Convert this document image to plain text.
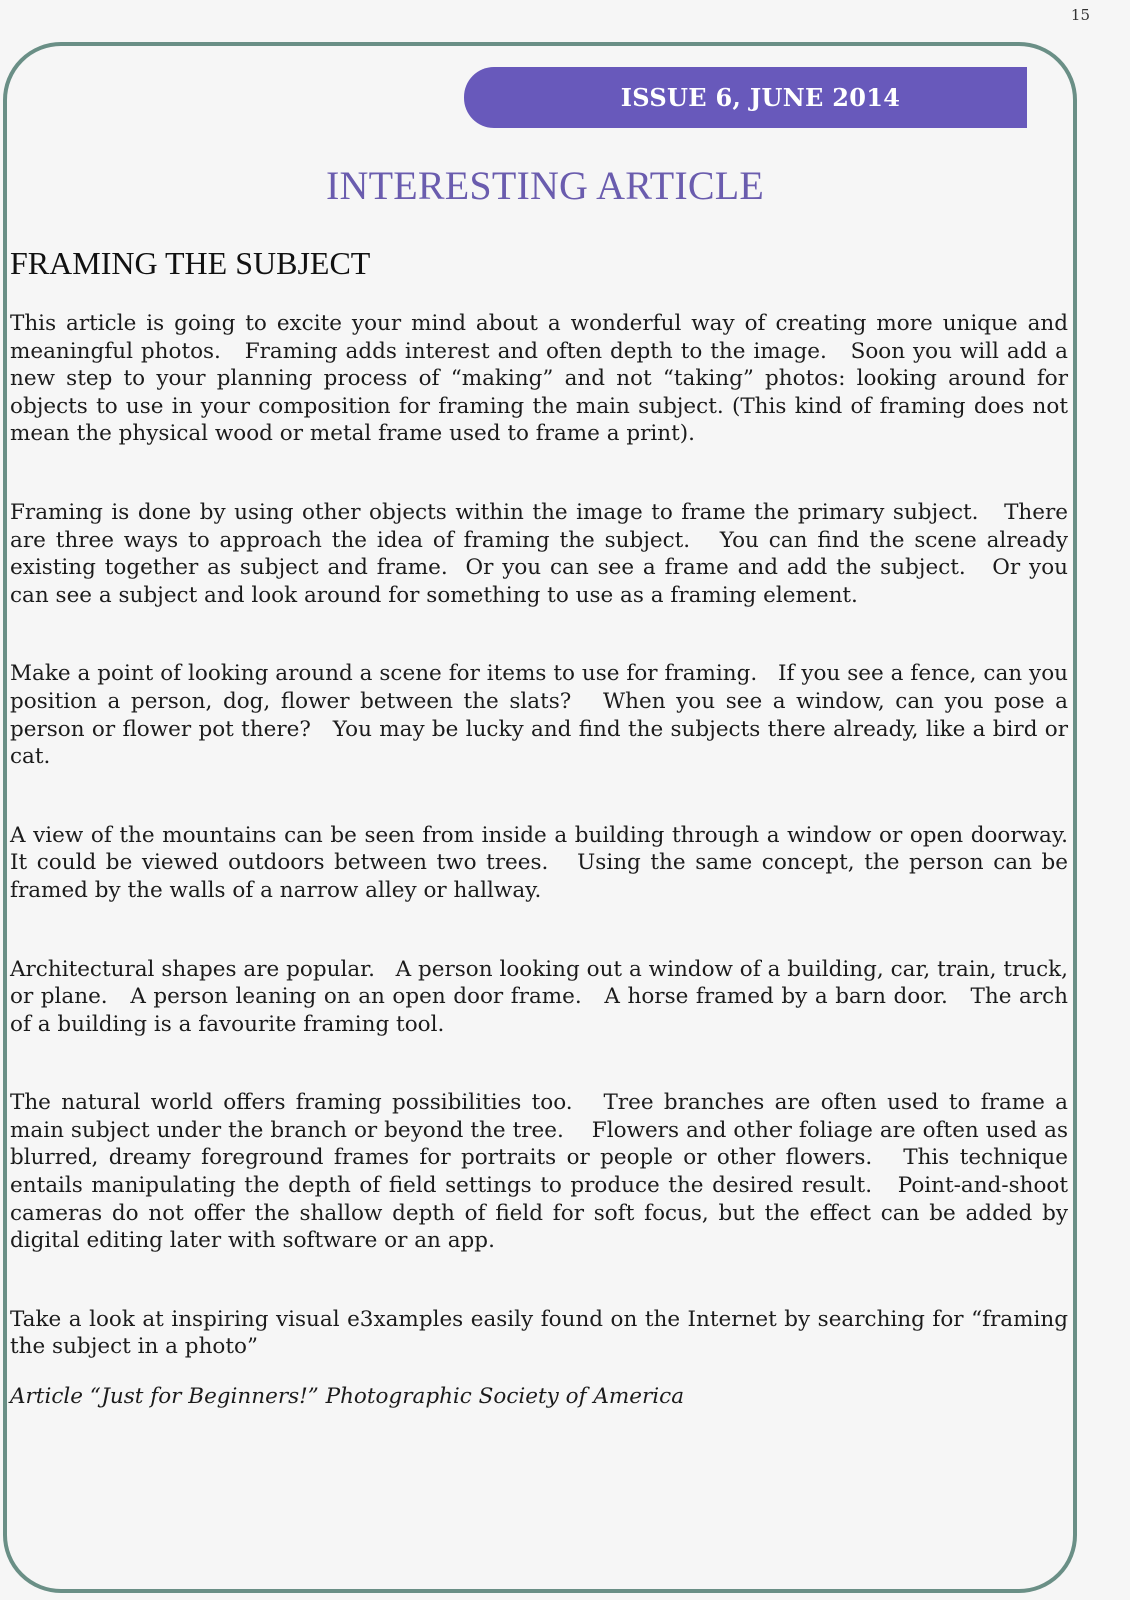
15
ISSUE 6, JUNE 2014
INTERESTING ARTICLE
FRAMING THE SUBJECT

This article is going to excite your mind about a wonderful way of creating more unique and meaningful photos.   Framing adds interest and often depth to the image.   Soon you will add a new step to your planning process of “making” and not “taking” photos: looking around for objects to use in your composition for framing the main subject. (This kind of framing does not mean the physical wood or metal frame used to frame a print).

Framing is done by using other objects within the image to frame the primary subject.   There are three ways to approach the idea of framing the subject.   You can find the scene already existing together as subject and frame.  Or you can see a frame and add the subject.   Or you can see a subject and look around for something to use as a framing element.

Make a point of looking around a scene for items to use for framing.   If you see a fence, can you position a person, dog, flower between the slats?   When you see a window, can you pose a person or flower pot there?   You may be lucky and find the subjects there already, like a bird or cat.

A view of the mountains can be seen from inside a building through a window or open doorway. It could be viewed outdoors between two trees.   Using the same concept, the person can be framed by the walls of a narrow alley or hallway.

Architectural shapes are popular.   A person looking out a window of a building, car, train, truck, or plane.   A person leaning on an open door frame.   A horse framed by a barn door.   The arch of a building is a favourite framing tool.

The natural world offers framing possibilities too.   Tree branches are often used to frame a main subject under the branch or beyond the tree.    Flowers and other foliage are often used as blurred, dreamy foreground frames for portraits or people or other flowers.   This technique entails manipulating the depth of field settings to produce the desired result.   Point-and-shoot cameras do not offer the shallow depth of field for soft focus, but the effect can be added by digital editing later with software or an app.

Take a look at inspiring visual e3xamples easily found on the Internet by searching for “framing the subject in a photo”

Article “Just for Beginners!” Photographic Society of America
